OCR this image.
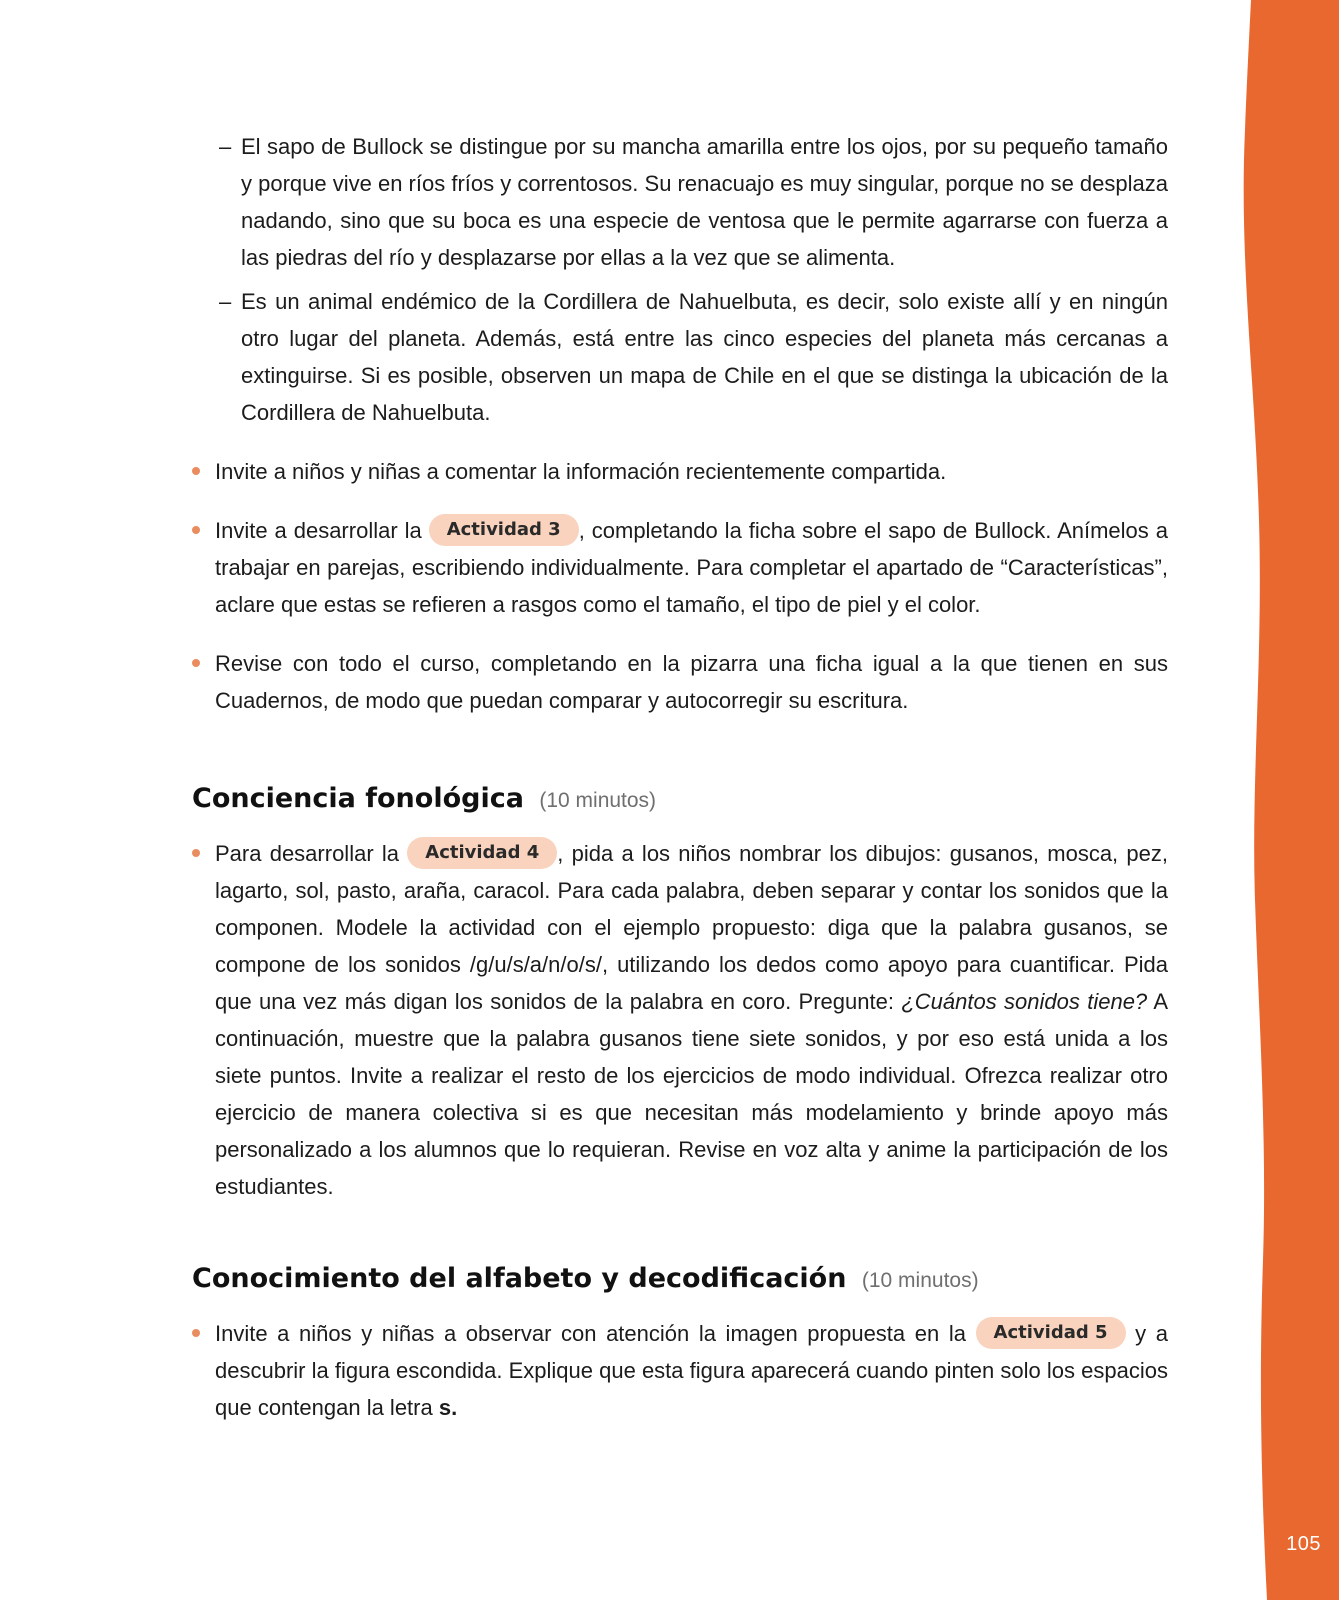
105
– El sapo de Bullock se distingue por su mancha amarilla entre los ojos, por su pequeño tamaño y porque vive en ríos fríos y correntosos. Su renacuajo es muy singular, porque no se desplaza nadando, sino que su boca es una especie de ventosa que le permite agarrarse con fuerza a las piedras del río y desplazarse por ellas a la vez que se alimenta.
– Es un animal endémico de la Cordillera de Nahuelbuta, es decir, solo existe allí y en ningún otro lugar del planeta. Además, está entre las cinco especies del planeta más cercanas a extinguirse. Si es posible, observen un mapa de Chile en el que se distinga la ubicación de la Cordillera de Nahuelbuta.
Invite a niños y niñas a comentar la información recientemente compartida.
Invite a desarrollar la Actividad 3 , completando la ficha sobre el sapo de Bullock. Anímelos a trabajar en parejas, escribiendo individualmente. Para completar el apartado de “Características”, aclare que estas se refieren a rasgos como el tamaño, el tipo de piel y el color.
Revise con todo el curso, completando en la pizarra una ficha igual a la que tienen en sus Cuadernos, de modo que puedan comparar y autocorregir su escritura.
Conciencia fonológica (10 minutos)
Para desarrollar la Actividad 4 , pida a los niños nombrar los dibujos: gusanos, mosca, pez, lagarto, sol, pasto, araña, caracol. Para cada palabra, deben separar y contar los sonidos que la componen. Modele la actividad con el ejemplo propuesto: diga que la palabra gusanos, se compone de los sonidos /g/u/s/a/n/o/s/, utilizando los dedos como apoyo para cuantificar. Pida que una vez más digan los sonidos de la palabra en coro. Pregunte: ¿Cuántos sonidos tiene? A continuación, muestre que la palabra gusanos tiene siete sonidos, y por eso está unida a los siete puntos. Invite a realizar el resto de los ejercicios de modo individual. Ofrezca realizar otro ejercicio de manera colectiva si es que necesitan más modelamiento y brinde apoyo más personalizado a los alumnos que lo requieran. Revise en voz alta y anime la participación de los estudiantes.
Conocimiento del alfabeto y decodificación (10 minutos)
Invite a niños y niñas a observar con atención la imagen propuesta en la Actividad 5 y a descubrir la figura escondida. Explique que esta figura aparecerá cuando pinten solo los espacios que contengan la letra s.
